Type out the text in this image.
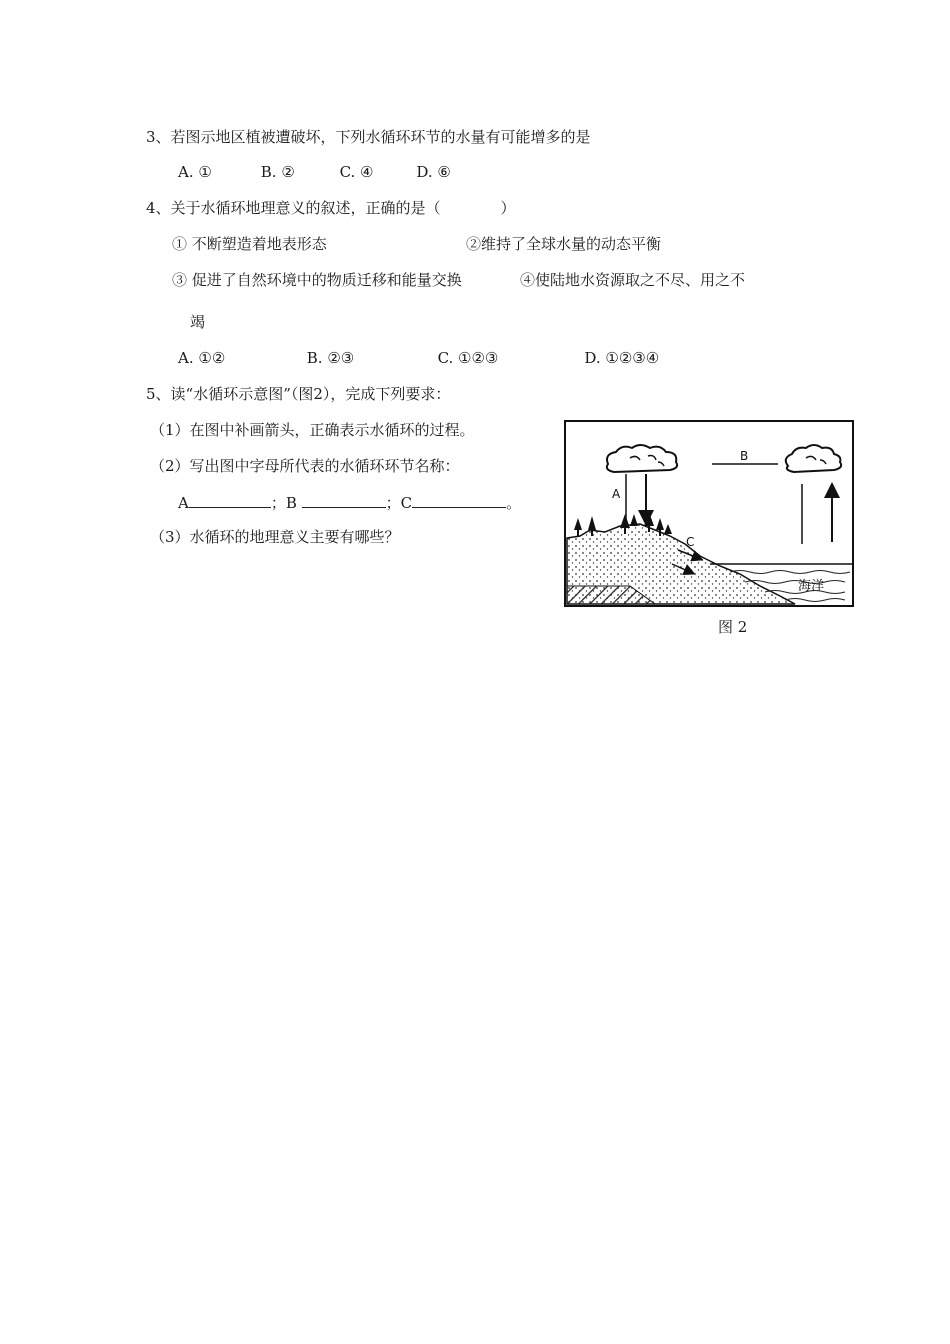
3、若图示地区植被遭破坏，下列水循环环节的水量有可能增多的是
A. ①	B. ②	C. ④	D. ⑥
4、关于水循环地理意义的叙述，正确的是（　　　　）
① 不断塑造着地表形态	②维持了全球水量的动态平衡
③ 促进了自然环境中的物质迁移和能量交换	④使陆地水资源取之不尽、用之不
竭
A. ①②	B. ②③	C. ①②③	D. ①②③④
5、读“水循环示意图”（图2），完成下列要求：
（1）在图中补画箭头，正确表示水循环的过程。
（2）写出图中字母所代表的水循环环节名称：
A	；B	；C	。
（3）水循环的地理意义主要有哪些？
海洋
B
A
C
图 2
